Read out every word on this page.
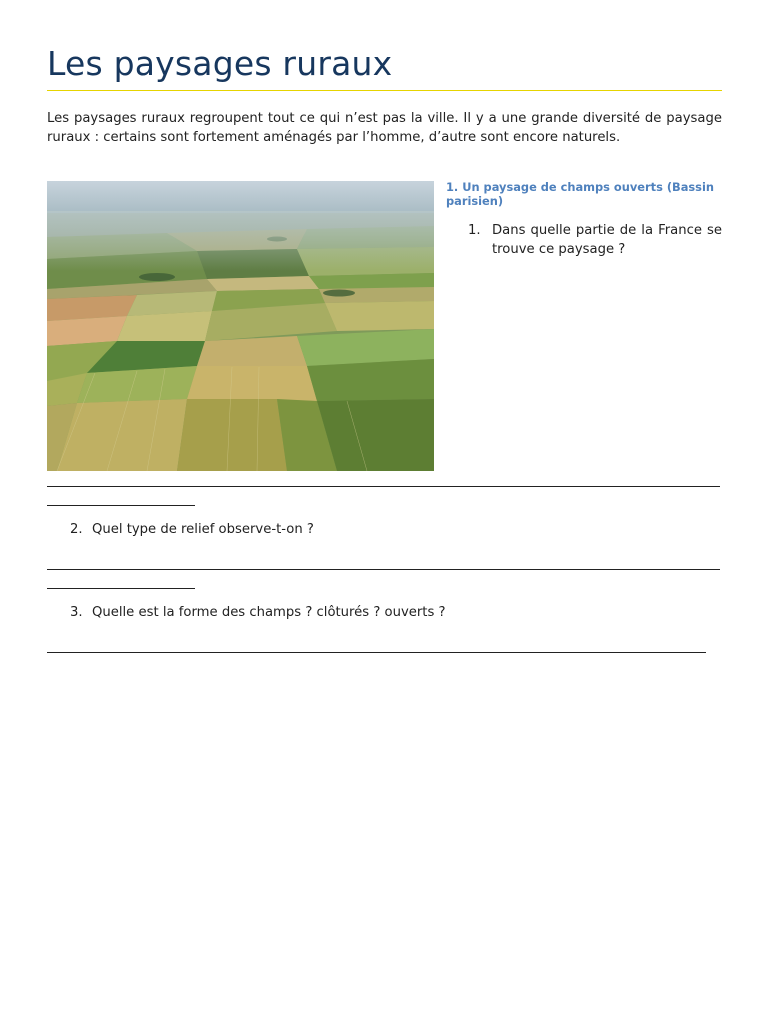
Les paysages ruraux

Les paysages ruraux regroupent tout ce qui n’est pas la ville. Il y a une grande diversité de paysage ruraux : certains sont fortement aménagés par l’homme, d’autre sont encore naturels.

1. Un paysage de champs ouverts (Bassin parisien)

1. Dans quelle partie de la France se trouve ce paysage ?
2. Quel type de relief observe-t-on ?
3. Quelle est la forme des champs ? clôturés ? ouverts ?
